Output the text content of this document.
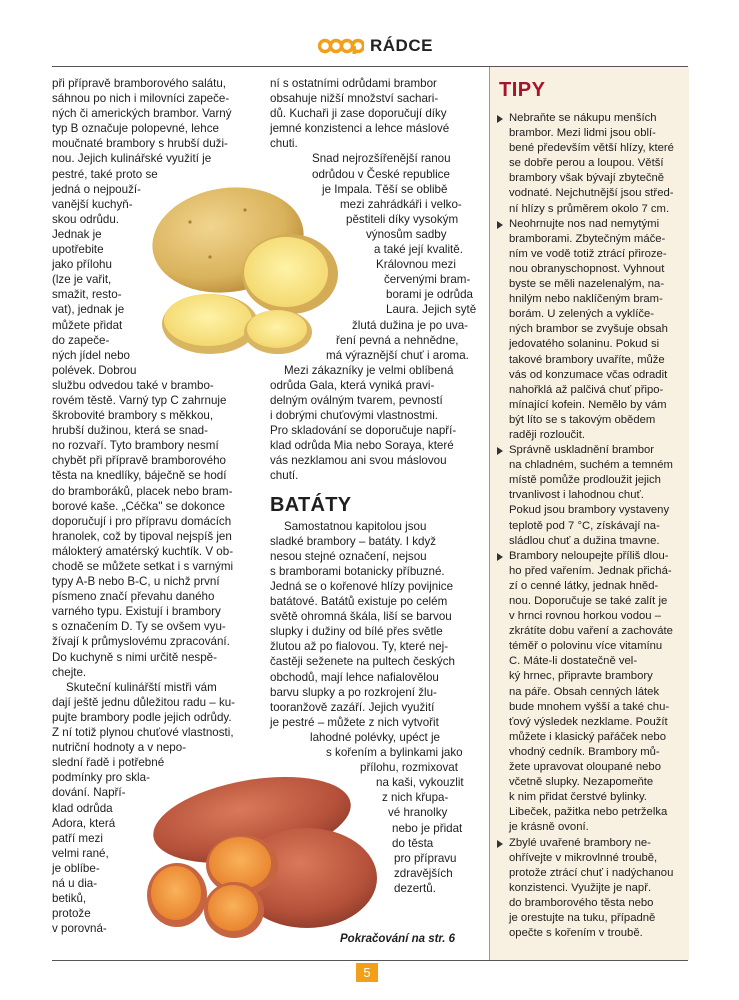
RÁDCE

při přípravě bramborového salátu,
sáhnou po nich i milovníci zapeče-
ných či amerických brambor. Varný
typ B označuje polopevné, lehce
moučnaté brambory s hrubší duži-
nou. Jejich kulinářské využití je
pestré, také proto se
jedná o nejpouží-
vanější kuchyň-
skou odrůdu.
Jednak je
upotřebite
jako přílohu
(lze je vařit,
smažit, resto-
vat), jednak je
můžete přidat
do zapeče-
ných jídel nebo
polévek. Dobrou
službu odvedou také v brambo-
rovém těstě. Varný typ C zahrnuje
škrobovité brambory s měkkou,
hrubší dužinou, která se snad-
no rozvaří. Tyto brambory nesmí
chybět při přípravě bramborového
těsta na knedlíky, báječně se hodí
do bramboráků, placek nebo bram-
borové kaše. „Céčka" se dokonce
doporučují i pro přípravu domácích
hranolek, což by tipoval nejspíš jen
málokterý amatérský kuchtík. V ob-
chodě se můžete setkat i s varnými
typy A-B nebo B-C, u nichž první
písmeno značí převahu daného
varného typu. Existují i brambory
s označením D. Ty se ovšem vyu-
žívají k průmyslovému zpracování.
Do kuchyně s nimi určitě nespě-
chejte.

Skuteční kulinářští mistři vám
dají ještě jednu důležitou radu – ku-
pujte brambory podle jejich odrůdy.
Z ní totiž plynou chuťové vlastnosti,
nutriční hodnoty a v nepo-
slední řadě i potřebné
podmínky pro skla-
dování. Napří-
klad odrůda
Adora, která
patří mezi
velmi rané,
je oblíbe-
ná u dia-
betiků,
protože
v porovná-

ní s ostatními odrůdami brambor
obsahuje nižší množství sachari-
dů. Kuchaři ji zase doporučují díky
jemné konzistenci a lehce máslové
chuti.

Snad nejrozšířenější ranou
odrůdou v České republice
je Impala. Těší se oblibě
mezi zahrádkáři i velko-
pěstiteli díky vysokým
výnosům sadby
a také její kvalitě.
Královnou mezi
červenými bram-
borami je odrůda
Laura. Jejich sytě
žlutá dužina je po uva-
ření pevná a nehnědne,
má výraznější chuť i aroma.

Mezi zákazníky je velmi oblíbená
odrůda Gala, která vyniká pravi-
delným oválným tvarem, pevností
i dobrými chuťovými vlastnostmi.
Pro skladování se doporučuje napří-
klad odrůda Mia nebo Soraya, které
vás nezklamou ani svou máslovou
chutí.

BATÁTY

Samostatnou kapitolou jsou
sladké brambory – batáty. I když
nesou stejné označení, nejsou
s bramborami botanicky příbuzné.
Jedná se o kořenové hlízy povijnice
batátové. Batátů existuje po celém
světě ohromná škála, liší se barvou
slupky i dužiny od bílé přes světle
žlutou až po fialovou. Ty, které nej-
častěji seženete na pultech českých
obchodů, mají lehce nafialovělou
barvu slupky a po rozkrojení žlu-
tooranžově zazáří. Jejich využití
je pestré – můžete z nich vytvořit
lahodné polévky, upéct je
s kořením a bylinkami jako
přílohu, rozmixovat
na kaši, vykouzlit
z nich křupa-
vé hranolky
nebo je přidat
do těsta
pro přípravu
zdravějších
dezertů.

Pokračování na str. 6
TIPY
Nebraňte se nákupu menších
brambor. Mezi lidmi jsou oblí-
bené především větší hlízy, které
se dobře perou a loupou. Větší
brambory však bývají zbytečně
vodnaté. Nejchutnější jsou střed-
ní hlízy s průměrem okolo 7 cm.
Neohrnujte nos nad nemytými
bramborami. Zbytečným máče-
ním ve vodě totiž ztrácí přiroze-
nou obranyschopnost. Vyhnout
byste se měli nazelenalým, na-
hnilým nebo naklíčeným bram-
borám. U zelených a vyklíče-
ných brambor se zvyšuje obsah
jedovatého solaninu. Pokud si
takové brambory uvaříte, může
vás od konzumace včas odradit
nahořklá až palčivá chuť připo-
mínající kofein. Nemělo by vám
být líto se s takovým obědem
raději rozloučit.
Správně uskladnění brambor
na chladném, suchém a temném
místě pomůže prodloužit jejich
trvanlivost i lahodnou chuť.
Pokud jsou brambory vystaveny
teplotě pod 7 °C, získávají na-
sládlou chuť a dužina tmavne.
Brambory neloupejte příliš dlou-
ho před vařením. Jednak přichá-
zí o cenné látky, jednak hněd-
nou. Doporučuje se také zalít je
v hrnci rovnou horkou vodou –
zkrátíte dobu vaření a zachováte
téměř o polovinu více vitamínu
C. Máte-li dostatečně vel-
ký hrnec, připravte brambory
na páře. Obsah cenných látek
bude mnohem vyšší a také chu-
ťový výsledek nezklame. Použít
můžete i klasický pařáček nebo
vhodný cedník. Brambory mů-
žete upravovat oloupané nebo
včetně slupky. Nezapomeňte
k nim přidat čerstvé bylinky.
Libeček, pažitka nebo petrželka
je krásně ovoní.
Zbylé uvařené brambory ne-
ohřívejte v mikrovlnné troubě,
protože ztrácí chuť i nadýchanou
konzistenci. Využijte je např.
do bramborového těsta nebo
je orestujte na tuku, případně
opečte s kořením v troubě.
5
